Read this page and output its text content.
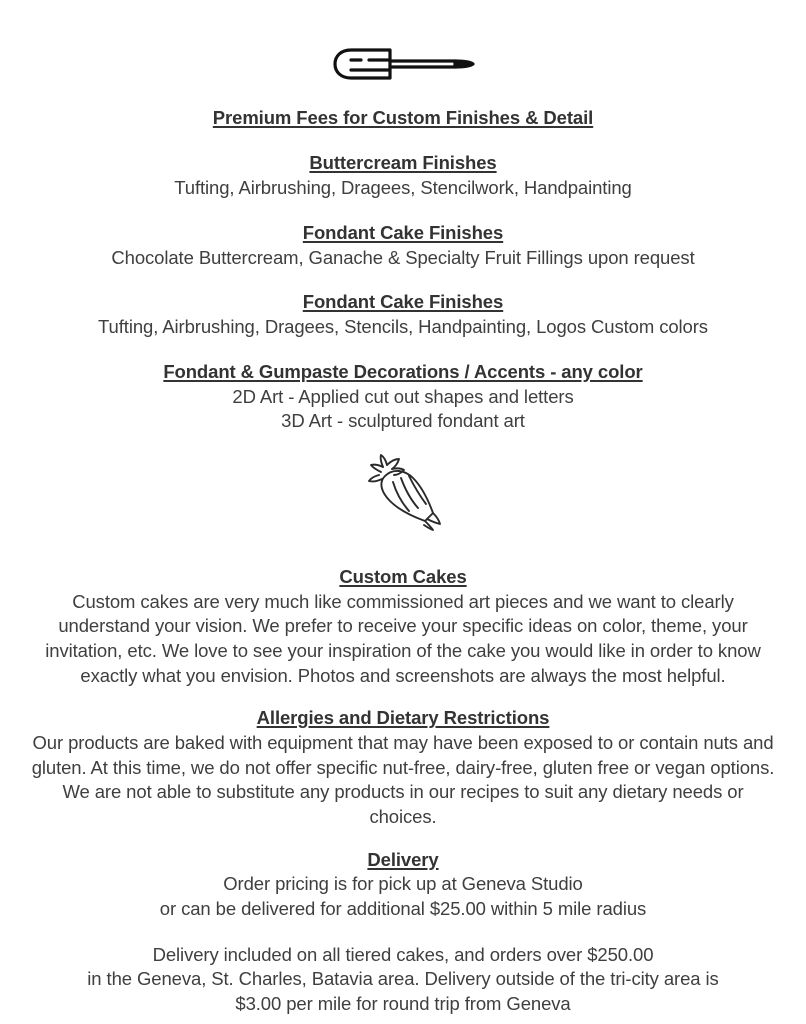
Premium Fees for Custom Finishes & Detail
Buttercream Finishes

Tufting, Airbrushing, Dragees, Stencilwork, Handpainting

Fondant Cake Finishes

Chocolate Buttercream, Ganache & Specialty Fruit Fillings upon request

Fondant Cake Finishes

Tufting, Airbrushing, Dragees, Stencils, Handpainting, Logos Custom colors

Fondant & Gumpaste Decorations / Accents - any color

2D Art - Applied cut out shapes and letters

3D Art - sculptured fondant art

Custom Cakes

Custom cakes are very much like commissioned art pieces and we want to clearly understand your vision. We prefer to receive your specific ideas on color, theme, your invitation, etc. We love to see your inspiration of the cake you would like in order to know exactly what you envision. Photos and screenshots are always the most helpful.

Allergies and Dietary Restrictions

Our products are baked with equipment that may have been exposed to or contain nuts and gluten. At this time, we do not offer specific nut-free, dairy-free, gluten free or vegan options. We are not able to substitute any products in our recipes to suit any dietary needs or choices.

Delivery

Order pricing is for pick up at Geneva Studio

or can be delivered for additional $25.00 within 5 mile radius

Delivery included on all tiered cakes, and orders over $250.00

in the Geneva, St. Charles, Batavia area. Delivery outside of the tri-city area is

$3.00 per mile for round trip from Geneva
